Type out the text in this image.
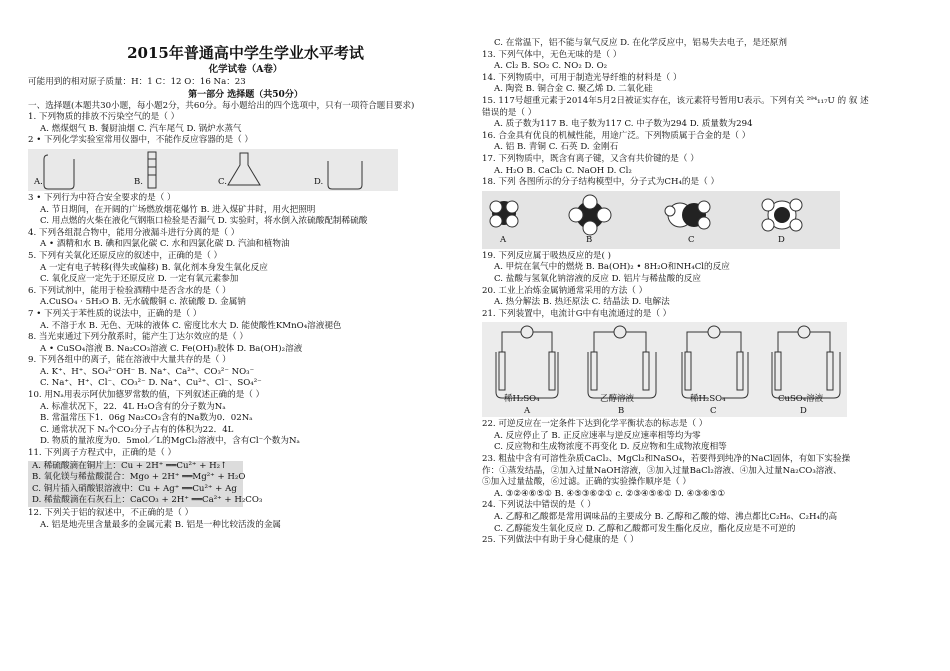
2015年普通高中学生学业水平考试
化学试卷（A卷）
可能用到的相对原子质量：H：1 C：12 O：16 Na：23
第一部分 选择题（共50分）
一、选择题(本题共30小题，每小题2分，共60分。每小题给出的四个选项中，只有一项符合题目要求)
1. 下列物质的排放不污染空气的是（ ）
A. 燃煤烟气 B. 餐厨油烟 C. 汽车尾气 D. 锅炉水蒸气
2 • 下列化学实验室常用仪器中，不能作反应容器的是（ ）
A.	B.	C.	D.
3 • 下列行为中符合安全要求的是（ ）
A. 节日期间，在开阔的广场燃放烟花爆竹 B. 进入煤矿井时，用火把照明
C. 用点燃的火柴在液化气钢瓶口检验是否漏气 D. 实验时，将水倒入浓硫酸配制稀硫酸
4. 下列各组混合物中，能用分液漏斗进行分离的是（ ）
A • 酒精和水 B. 碘和四氯化碳 C. 水和四氯化碳 D. 汽油和植物油
5. 下列有关氧化还原反应的叙述中，正确的是（ ）
A 一定有电子转移(得失或偏移) B. 氧化剂本身发生氧化反应
C. 氧化反应一定先于还原反应 D. 一定有氧元素参加
6. 下列试剂中，能用于检验酒精中是否含水的是（ ）
A.CuSO₄ · 5H₂O B. 无水硫酸铜 c. 浓硫酸 D. 金属钠
7 • 下列关于苯性质的说法中，正确的是（ ）
A. 不溶于水 B. 无色、无味的液体 C. 密度比水大 D. 能使酸性KMnO₄溶液褪色
8. 当光束通过下列分散系时，能产生丁达尔效应的是（ ）
A • CuSO₄溶液 B. Na₂CO₃溶液 C. Fe(OH)₃胶体 D. Ba(OH)₂溶液
9. 下列各组中的离子，能在溶液中大量共存的是（ ）
A. K⁺、H⁺、SO₄²⁻OH⁻ B. Na⁺、Ca²⁺、CO₃²⁻ NO₃⁻
C. Na⁺、H⁺、Cl⁻、CO₃²⁻ D. Na⁺、Cu²⁺、Cl⁻、SO₄²⁻
10. 用Nₐ用表示阿伏加德罗常数的值，下列叙述正确的是（ ）
A. 标准状况下，22．4L H₂O含有的分子数为Nₐ
B. 常温常压下1．06g Na₂CO₃含有的Na数为0．02Nₐ
C. 通常状况下 Nₐ个CO₂分子占有的体积为22．4L
D. 物质的量浓度为0．5mol／L的MgCl₂溶液中，含有Cl⁻个数为Nₐ
11. 下列离子方程式中，正确的是（ ）
A. 稀硫酸滴在铜片上：Cu + 2H⁺ ══Cu²⁺ + H₂↑
B. 氧化镁与稀盐酸混合：Mgo + 2H⁺ ══Mg²⁺ + H₂O
C. 铜片插入硝酸银溶液中：Cu + Ag⁺ ══Cu²⁺ + Ag
D. 稀盐酸滴在石灰石上：CaCO₃ + 2H⁺ ══Ca²⁺ + H₂CO₃
12. 下列关于铝的叙述中，不正确的是（ ）
A. 铝是地壳里含量最多的金属元素 B. 铝是一种比较活泼的金属
C. 在常温下，铝不能与氧气反应 D. 在化学反应中，铝易失去电子，是还原剂
13. 下列气体中，无色无味的是（ ）
A. Cl₂ B. SO₂ C. NO₂ D. O₂
14. 下列物质中，可用于制造光导纤维的材料是（ ）
A. 陶瓷 B. 铜合金 C. 聚乙烯 D. 二氧化硅
15. 117号超重元素于2014年5月2日被证实存在，该元素符号暂用U表示。下列有关 ²⁹⁴₁₁₇U 的 叙 述
错误的是（ ）
A. 质子数为117 B. 电子数为117 C. 中子数为294 D. 质量数为294
16. 合金具有优良的机械性能，用途广泛。下列物质属于合金的是（ ）
A. 铝 B. 青铜 C. 石英 D. 金刚石
17. 下列物质中，既含有离子键，又含有共价键的是（ ）
A. H₂O B. CaCl₂ C. NaOH D. Cl₂
18. 下列 各图所示的分子结构模型中，分子式为CH₄的是（ ）
A	B	C	D
19. 下列反应属于吸热反应的是( )
A. 甲烷在氧气中的燃烧 B. Ba(OH)₂ • 8H₂O和NH₄Cl的反应
C. 盐酸与氢氧化钠溶液的反应 D. 铝片与稀盐酸的反应
20. 工业上冶炼金属钠通常采用的方法（ ）
A. 热分解法 B. 热还原法 C. 结晶法 D. 电解法
21. 下列装置中，电流计G中有电流通过的是（ ）
稀H₂SO₄	乙醇溶液	稀H₂SO₄	CuSO₄溶液
A	B	C	D
22. 可逆反应在一定条件下达到化学平衡状态的标志是（ ）
A. 反应停止了 B. 正反应速率与逆反应速率相等均为零
C. 反应物和生成物浓度不再变化 D. 反应物和生成物浓度相等
23. 粗盐中含有可溶性杂质CaCl₂、MgCl₂和NaSO₄，若要得到纯净的NaCl固体，有如下实验操
作：①蒸发结晶，②加入过量NaOH溶液，③加入过量BaCl₂溶液、④加入过量Na₂CO₃溶液、
⑤加入过量盐酸，⑥过滤。正确的实验操作顺序是（ ）
A. ③②④⑥⑤① B. ④⑤③⑥②① c. ②③④⑤⑥① D. ④③⑥⑤①
24. 下列说法中错误的是（ ）
A. 乙醇和乙酸都是常用调味品的主要成分 B. 乙醇和乙酸的熔、沸点都比C₂H₆、C₂H₄的高
C. 乙醇能发生氧化反应 D. 乙醇和乙酸都可发生酯化反应，酯化反应是不可逆的
25. 下列做法中有助于身心健康的是（ ）
